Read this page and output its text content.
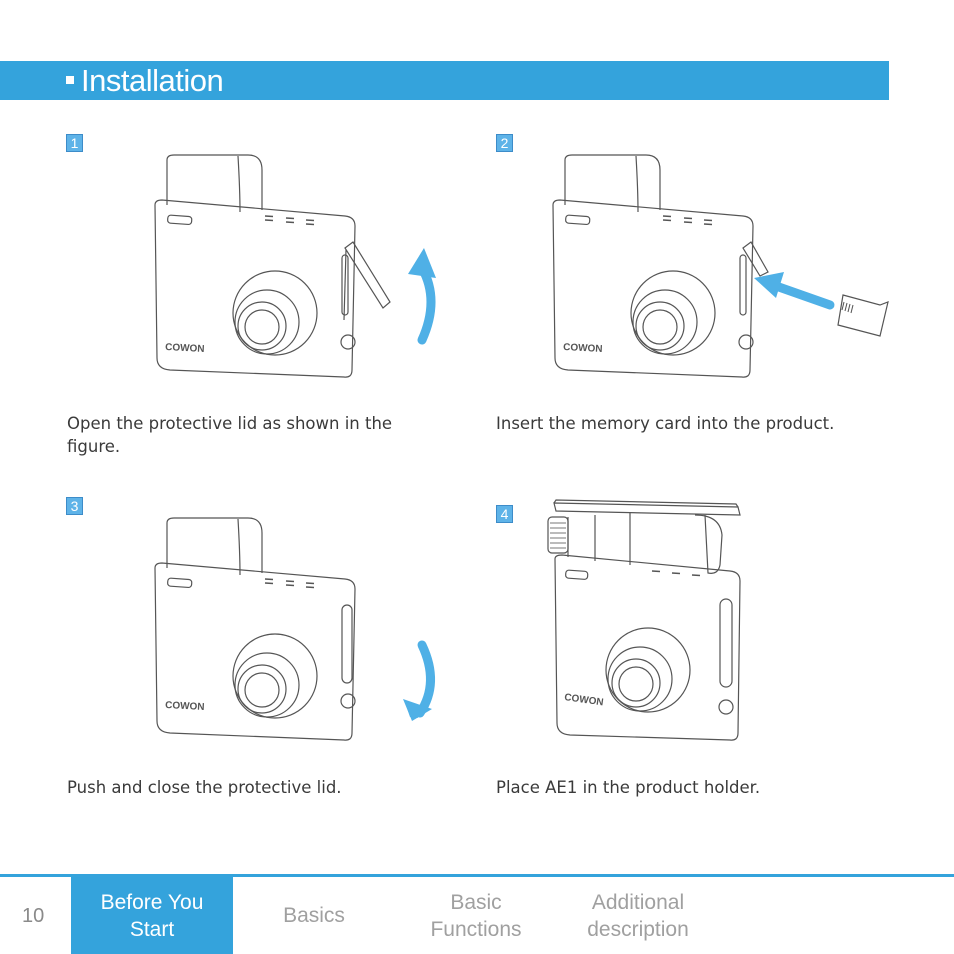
Installation
1	2
3	4
COWON	COWON
COWON	COWON
Open the protective lid as shown in the figure.
Insert the memory card into the product.
Push and close the protective lid.	Place AE1 in the product holder.
10
Before You
Start
Basics
Basic
Functions
Additional
description
